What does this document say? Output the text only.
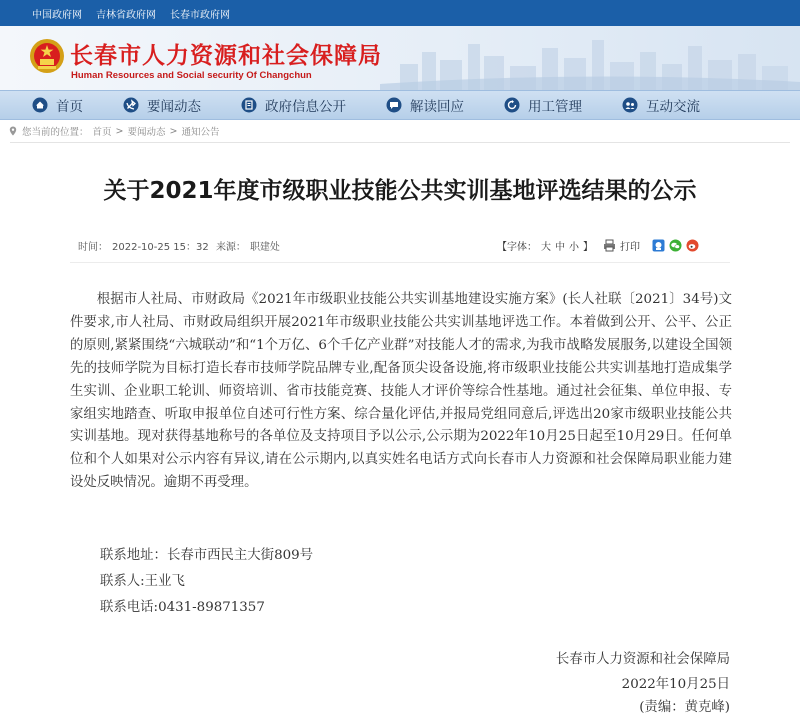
中国政府网 吉林省政府网 长春市政府网
长春市人力资源和社会保障局
Human Resources and Social security Of Changchun
首页	要闻动态	政府信息公开	解读回应	用工管理	互动交流
您当前的位置： 首页 > 要闻动态 > 通知公告
关于2021年度市级职业技能公共实训基地评选结果的公示
时间： 2022-10-25 15：32 来源： 职建处	【字体： 大 中 小 】	打印

根据市人社局、市财政局《2021年市级职业技能公共实训基地建设实施方案》(长人社联〔2021〕34号)文件要求,市人社局、市财政局组织开展2021年市级职业技能公共实训基地评选工作。本着做到公开、公平、公正的原则,紧紧围绕“六城联动”和“1个万亿、6个千亿产业群”对技能人才的需求,为我市战略发展服务,以建设全国领先的技师学院为目标打造长春市技师学院品牌专业,配备顶尖设备设施,将市级职业技能公共实训基地打造成集学生实训、企业职工轮训、师资培训、省市技能竞赛、技能人才评价等综合性基地。通过社会征集、单位申报、专家组实地踏查、听取申报单位自述可行性方案、综合量化评估,并报局党组同意后,评选出20家市级职业技能公共实训基地。现对获得基地称号的各单位及支持项目予以公示,公示期为2022年10月25日起至10月29日。任何单位和个人如果对公示内容有异议,请在公示期内,以真实姓名电话方式向长春市人力资源和社会保障局职业能力建设处反映情况。逾期不再受理。

联系地址：长春市西民主大街809号
联系人:王业飞
联系电话:0431-89871357
长春市人力资源和社会保障局
2022年10月25日
(责编：黄克峰)
